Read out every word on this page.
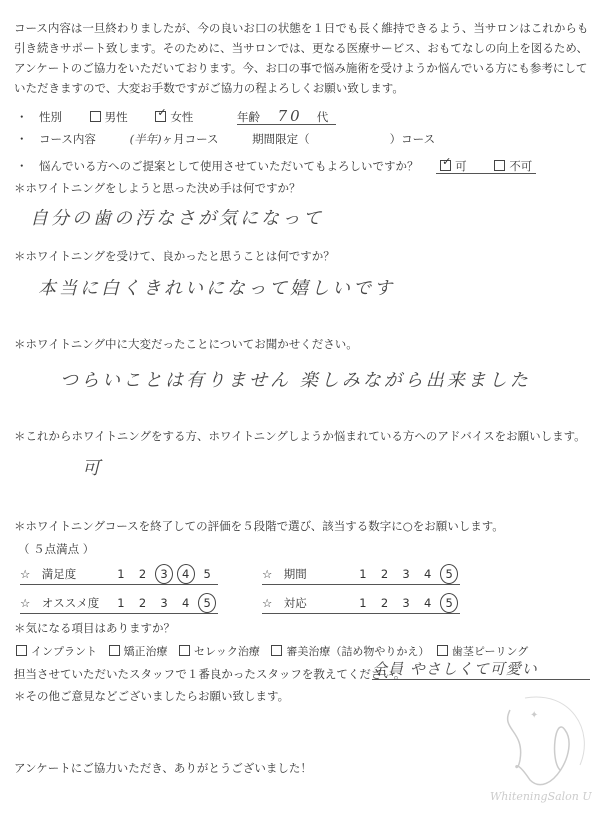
コース内容は一旦終わりましたが、今の良いお口の状態を１日でも長く維持できるよう、当サロンはこれからも引き続きサポート致します。そのために、当サロンでは、更なる医療サービス、おもてなしの向上を図るため、アンケートのご協力をいただいております。今、お口の事で悩み施術を受けようか悩んでいる方にも参考にしていただきますので、大変お手数ですがご協力の程よろしくお願い致します。
・　性別	男性 ✓	女性	年齢 70 代
・　コース内容	(半年)ヶ月コース	期間限定（	）コース
・　悩んでいる方へのご提案として使用させていただいてもよろしいですか？ ✓	可	不可
＊ホワイトニングをしようと思った決め手は何ですか？
自分の歯の汚なさが気になって
＊ホワイトニングを受けて、良かったと思うことは何ですか？
本当に白くきれいになって嬉しいです
＊ホワイトニング中に大変だったことについてお聞かせください。
つらいことは有りません 楽しみながら出来ました
＊これからホワイトニングをする方、ホワイトニングしようか悩まれている方へのアドバイスをお願いします。
可
＊ホワイトニングコースを終了しての評価を５段階で選び、該当する数字に○をお願いします。
（ ５点満点 ）
☆　満足度	1	2	3	4	5	☆　期間	1	2	3	4	5
☆　オススメ度	1	2	3	4	5	☆　対応	1	2	3	4	5
＊気になる項目はありますか？
インプラント 矯正治療 セレック治療 審美治療（詰め物やりかえ） 歯茎ピーリング
担当させていただいたスタッフで１番良かったスタッフを教えてください。
全員 やさしくて可愛い
＊その他ご意見などございましたらお願い致します。
アンケートにご協力いただき、ありがとうございました！
✦
WhiteningSalon U
